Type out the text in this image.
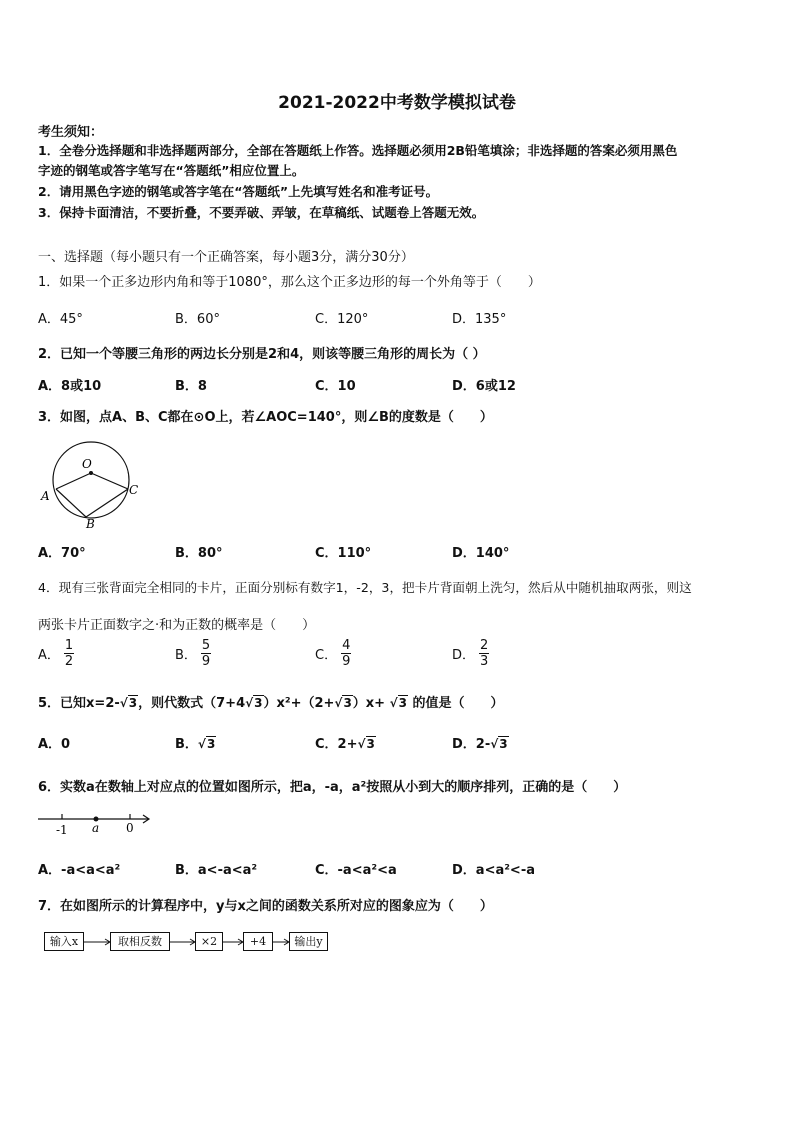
2021-2022中考数学模拟试卷
考生须知：
1．全卷分选择题和非选择题两部分，全部在答题纸上作答。选择题必须用2B铅笔填涂；非选择题的答案必须用黑色
字迹的钢笔或答字笔写在“答题纸”相应位置上。
2．请用黑色字迹的钢笔或答字笔在“答题纸”上先填写姓名和准考证号。
3．保持卡面清洁，不要折叠，不要弄破、弄皱，在草稿纸、试题卷上答题无效。
一、选择题（每小题只有一个正确答案，每小题3分，满分30分）
1．如果一个正多边形内角和等于1080°，那么这个正多边形的每一个外角等于（　　）
A．45°	B．60°	C．120°	D．135°
2．已知一个等腰三角形的两边长分别是2和4，则该等腰三角形的周长为（ ）
A．8或10	B．8	C．10	D．6或12
3．如图，点A、B、C都在⊙O上，若∠AOC=140°，则∠B的度数是（　　）
O
A
B
C
A．70°	B．80°	C．110°	D．140°
4．现有三张背面完全相同的卡片，正面分别标有数字1，-2，3，把卡片背面朝上洗匀，然后从中随机抽取两张，则这
两张卡片正面数字之·和为正数的概率是（　　）
A． $\frac{1}{2}$	B． $\frac{5}{9}$	C． $\frac{4}{9}$	D． $\frac{2}{3}$
5．已知x=2-√3，则代数式（7+4√3）x²+（2+√3）x+ √3 的值是（　　）
A．0	B．√3	C．2+√3	D．2-√3
6．实数a在数轴上对应点的位置如图所示，把a，-a，a²按照从小到大的顺序排列，正确的是（　　）
-1 a 0
A．-a<a<a²	B．a<-a<a²	C．-a<a²<a	D．a<a²<-a
7．在如图所示的计算程序中，y与x之间的函数关系所对应的图象应为（　　）
输入x	取相反数	×2	+4	输出y
